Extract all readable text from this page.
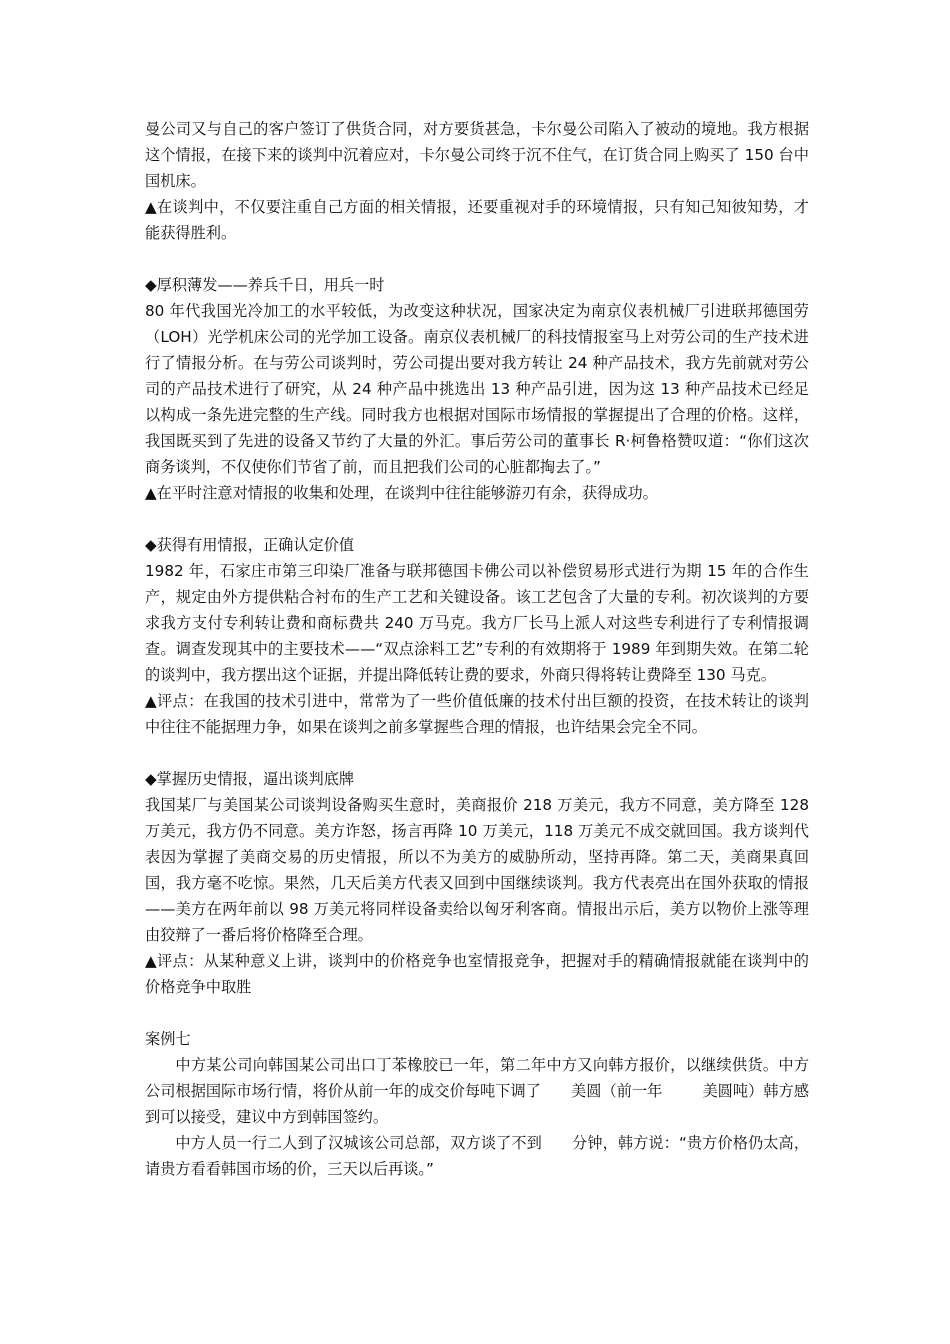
曼公司又与自己的客户签订了供货合同，对方要货甚急，卡尔曼公司陷入了被动的境地。我方根据这个情报，在接下来的谈判中沉着应对，卡尔曼公司终于沉不住气，在订货合同上购买了 150 台中国机床。

▲在谈判中，不仅要注重自己方面的相关情报，还要重视对手的环境情报，只有知己知彼知势，才能获得胜利。

◆厚积薄发——养兵千日，用兵一时

80 年代我国光冷加工的水平较低，为改变这种状况，国家决定为南京仪表机械厂引进联邦德国劳（LOH）光学机床公司的光学加工设备。南京仪表机械厂的科技情报室马上对劳公司的生产技术进行了情报分析。在与劳公司谈判时，劳公司提出要对我方转让 24 种产品技术，我方先前就对劳公司的产品技术进行了研究，从 24 种产品中挑选出 13 种产品引进，因为这 13 种产品技术已经足以构成一条先进完整的生产线。同时我方也根据对国际市场情报的掌握提出了合理的价格。这样，我国既买到了先进的设备又节约了大量的外汇。事后劳公司的董事长 R·柯鲁格赞叹道：“你们这次商务谈判，不仅使你们节省了前，而且把我们公司的心脏都掏去了。”

▲在平时注意对情报的收集和处理，在谈判中往往能够游刃有余，获得成功。

◆获得有用情报，正确认定价值

1982 年，石家庄市第三印染厂准备与联邦德国卡佛公司以补偿贸易形式进行为期 15 年的合作生产，规定由外方提供粘合衬布的生产工艺和关键设备。该工艺包含了大量的专利。初次谈判的方要求我方支付专利转让费和商标费共 240 万马克。我方厂长马上派人对这些专利进行了专利情报调查。调查发现其中的主要技术——“双点涂料工艺”专利的有效期将于 1989 年到期失效。在第二轮的谈判中，我方摆出这个证据，并提出降低转让费的要求，外商只得将转让费降至 130 马克。

▲评点：在我国的技术引进中，常常为了一些价值低廉的技术付出巨额的投资，在技术转让的谈判中往往不能据理力争，如果在谈判之前多掌握些合理的情报，也许结果会完全不同。

◆掌握历史情报，逼出谈判底牌

我国某厂与美国某公司谈判设备购买生意时，美商报价 218 万美元，我方不同意，美方降至 128 万美元，我方仍不同意。美方诈怒，扬言再降 10 万美元，118 万美元不成交就回国。我方谈判代表因为掌握了美商交易的历史情报，所以不为美方的威胁所动，坚持再降。第二天，美商果真回国，我方毫不吃惊。果然，几天后美方代表又回到中国继续谈判。我方代表亮出在国外获取的情报——美方在两年前以 98 万美元将同样设备卖给以匈牙利客商。情报出示后，美方以物价上涨等理由狡辩了一番后将价格降至合理。

▲评点：从某种意义上讲，谈判中的价格竞争也室情报竞争，把握对手的精确情报就能在谈判中的价格竞争中取胜

案例七

中方某公司向韩国某公司出口丁苯橡胶已一年，第二年中方又向韩方报价，以继续供货。中方公司根据国际市场行情，将价从前一年的成交价每吨下调了 美圆（前一年	美圆吨）韩方感到可以接受，建议中方到韩国签约。

中方人员一行二人到了汉城该公司总部，双方谈了不到 分钟，韩方说：“贵方价格仍太高，请贵方看看韩国市场的价，三天以后再谈。”
